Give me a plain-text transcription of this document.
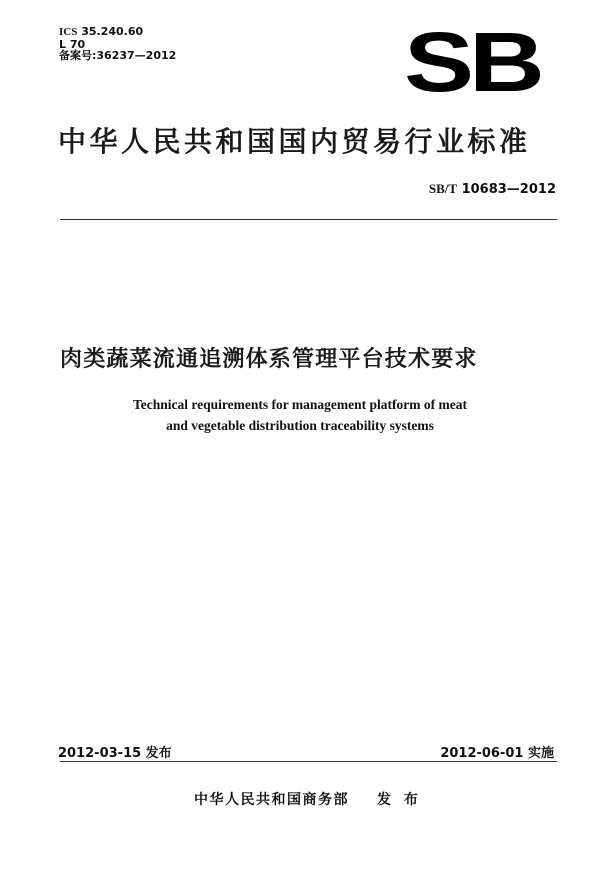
ICS 35.240.60
L 70
备案号:36237—2012	SB
中华人民共和国国内贸易行业标准
SB/T 10683—2012
肉类蔬菜流通追溯体系管理平台技术要求
Technical requirements for management platform of meat
and vegetable distribution traceability systems
2012-03-15 发布	2012-06-01 实施
中华人民共和国商务部 发 布
